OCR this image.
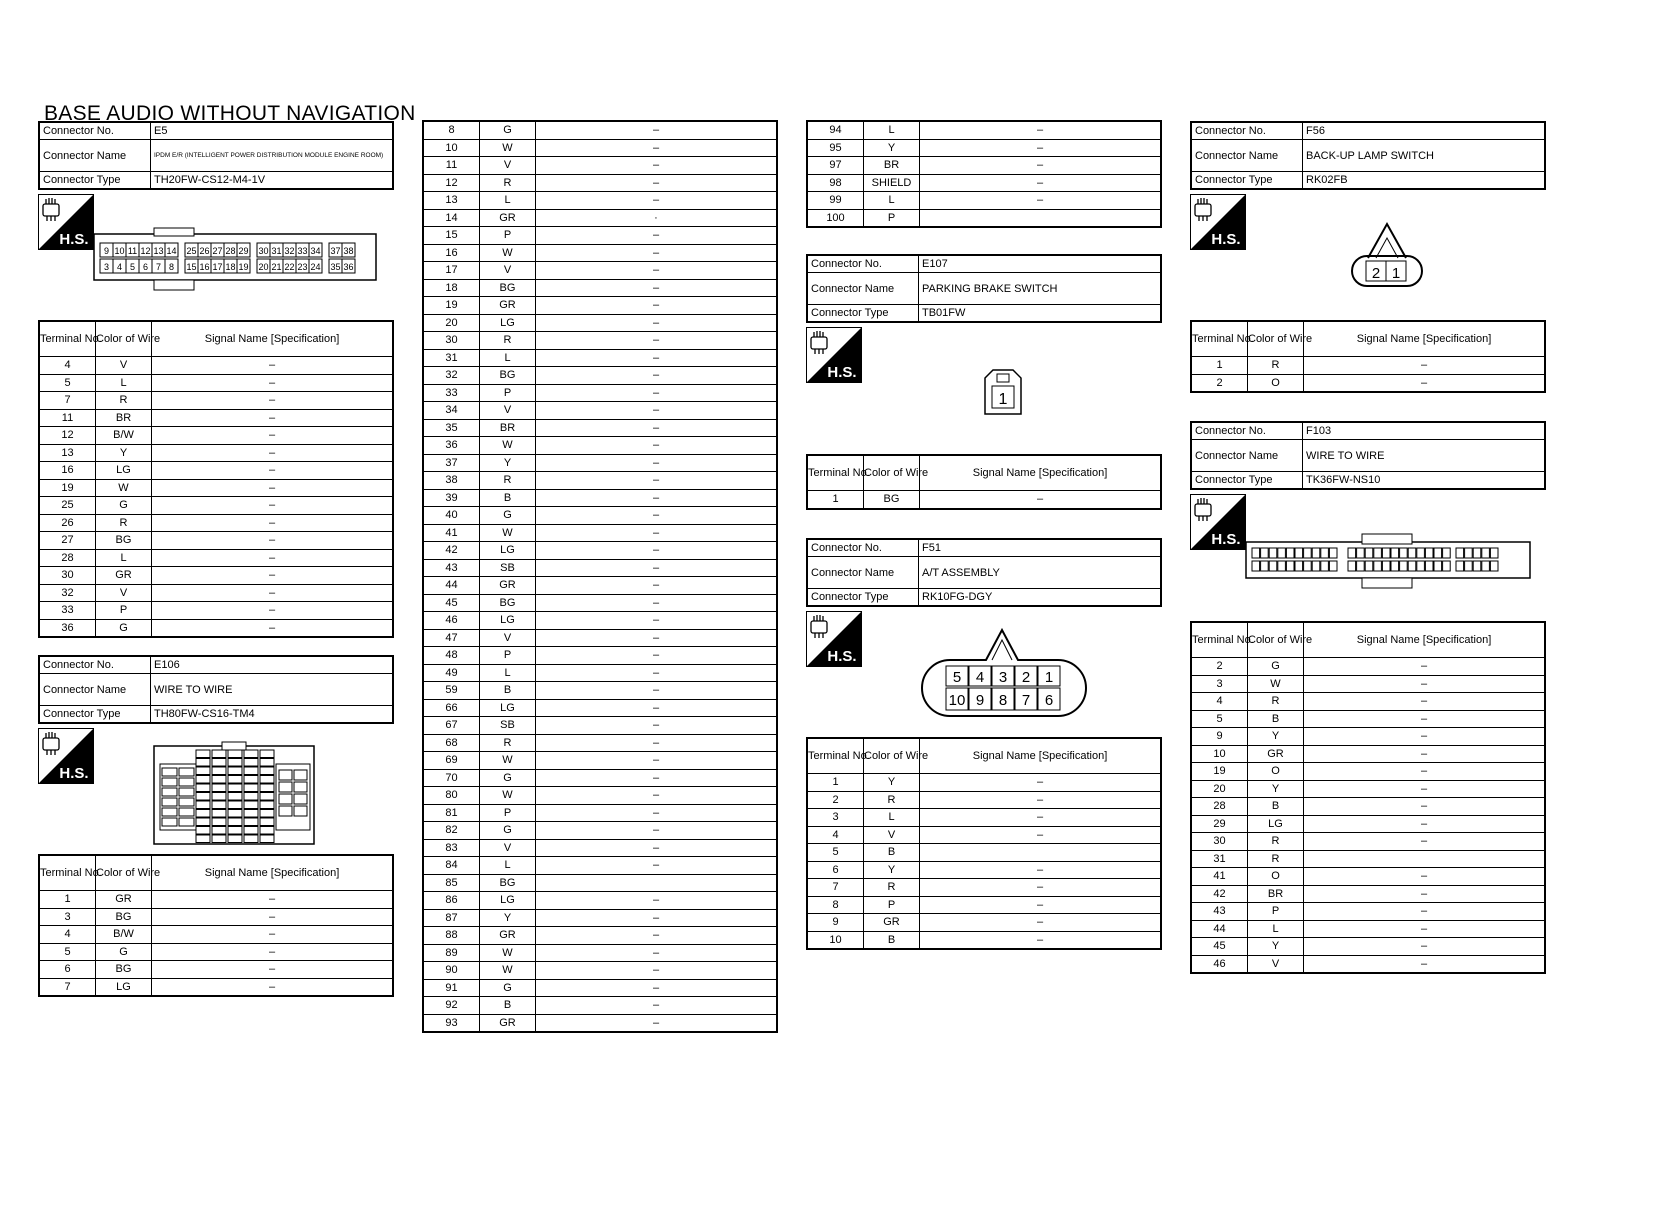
BASE AUDIO WITHOUT NAVIGATION
Connector No.	E5
Connector Name	IPDM E/R (INTELLIGENT POWER DISTRIBUTION MODULE ENGINE ROOM)
Connector Type	TH20FW-CS12-M4-1V
H.S.
9
3
10
4
11
5
12
6
13
7
14
8
25
15
26
16
27
17
28
18
29
19
30
20
31
21
32
22
33
23
34
24
37
35
38
36
Terminal No.	Color of Wire	Signal Name [Specification]
4	V	–
5	L	–
7	R	–
11	BR	–
12	B/W	–
13	Y	–
16	LG	–
19	W	–
25	G	–
26	R	–
27	BG	–
28	L	–
30	GR	–
32	V	–
33	P	–
36	G	–
Connector No.	E106
Connector Name	WIRE TO WIRE
Connector Type	TH80FW-CS16-TM4
H.S.
Terminal No.	Color of Wire	Signal Name [Specification]
1	GR	–
3	BG	–
4	B/W	–
5	G	–
6	BG	–
7	LG	–
8	G	–
10	W	–
11	V	–
12	R	–
13	L	–
14	GR	·
15	P	–
16	W	–
17	V	–
18	BG	–
19	GR	–
20	LG	–
30	R	–
31	L	–
32	BG	–
33	P	–
34	V	–
35	BR	–
36	W	–
37	Y	–
38	R	–
39	B	–
40	G	–
41	W	–
42	LG	–
43	SB	–
44	GR	–
45	BG	–
46	LG	–
47	V	–
48	P	–
49	L	–
59	B	–
66	LG	–
67	SB	–
68	R	–
69	W	–
70	G	–
80	W	–
81	P	–
82	G	–
83	V	–
84	L	–
85	BG	
86	LG	–
87	Y	–
88	GR	–
89	W	–
90	W	–
91	G	–
92	B	–
93	GR	–
94	L	–
95	Y	–
97	BR	–
98	SHIELD	–
99	L	–
100	P	
Connector No.	E107
Connector Name	PARKING BRAKE SWITCH
Connector Type	TB01FW
H.S.
1
Terminal No.	Color of Wire	Signal Name [Specification]
1	BG	–
Connector No.	F51
Connector Name	A/T ASSEMBLY
Connector Type	RK10FG-DGY
H.S.
5
10
4
9
3
8
2
7
1
6
Terminal No.	Color of Wire	Signal Name [Specification]
1	Y	–
2	R	–
3	L	–
4	V	–
5	B	
6	Y	–
7	R	–
8	P	–
9	GR	–
10	B	–
Connector No.	F56
Connector Name	BACK-UP LAMP SWITCH
Connector Type	RK02FB
H.S.
2 1
Terminal No.	Color of Wire	Signal Name [Specification]
1	R	–
2	O	–
Connector No.	F103
Connector Name	WIRE TO WIRE
Connector Type	TK36FW-NS10
H.S.
Terminal No.	Color of Wire	Signal Name [Specification]
2	G	–
3	W	–
4	R	–
5	B	–
9	Y	–
10	GR	–
19	O	–
20	Y	–
28	B	–
29	LG	–
30	R	–
31	R	
41	O	–
42	BR	–
43	P	–
44	L	–
45	Y	–
46	V	–
